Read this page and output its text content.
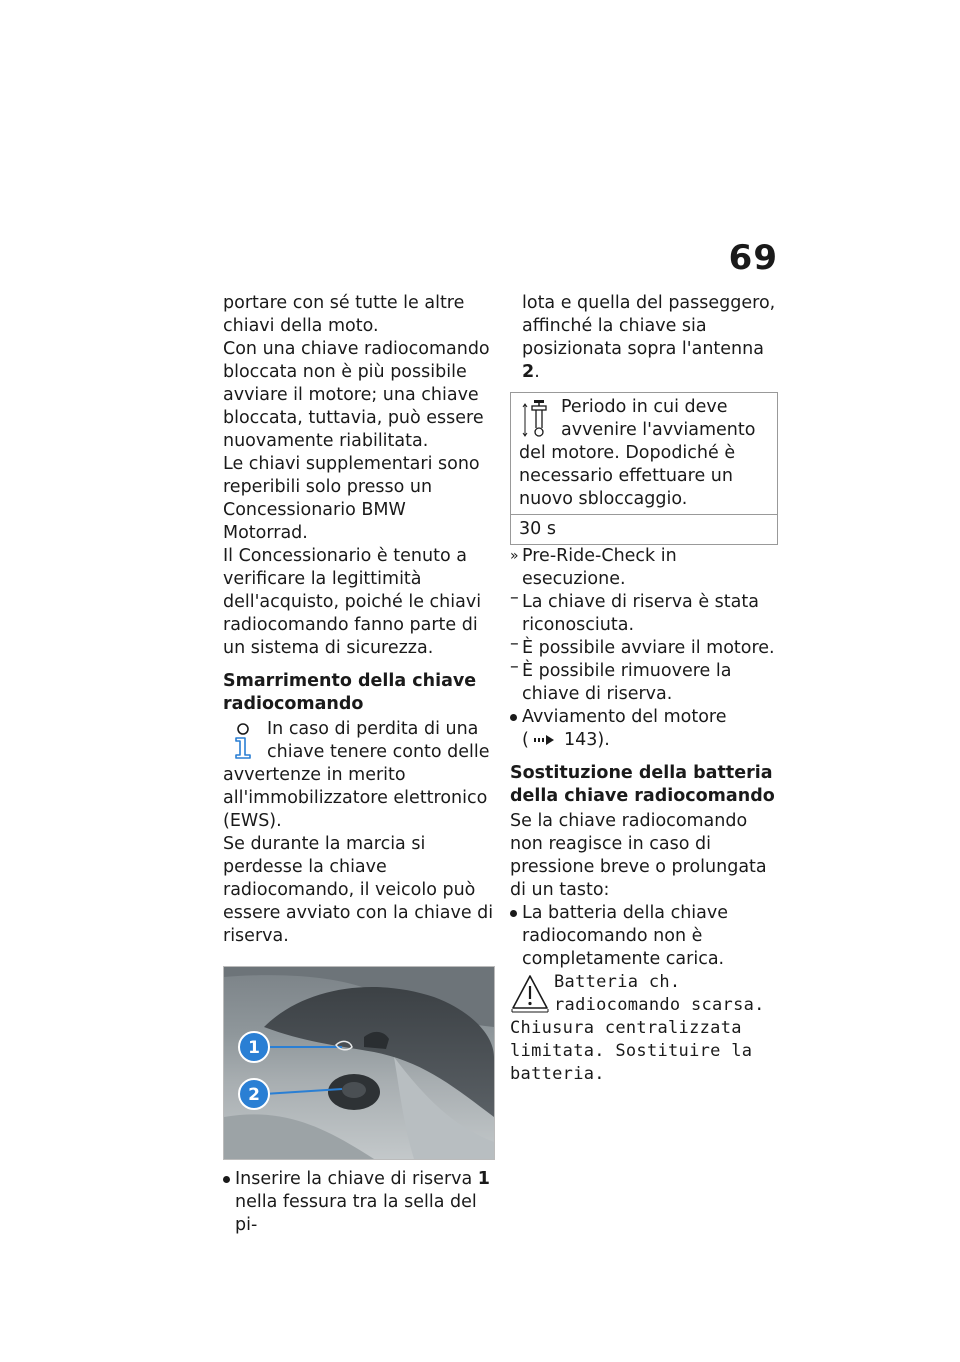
69

portare con sé tutte le altre chiavi della moto.

Con una chiave radiocomando bloccata non è più possibile avviare il motore; una chiave bloccata, tuttavia, può essere nuovamente riabilitata.

Le chiavi supplementari sono reperibili solo presso un Concessionario BMW Motorrad.

Il Concessionario è tenuto a verificare la legittimità dell'acquisto, poiché le chiavi radiocomando fanno parte di un sistema di sicurezza.

Smarrimento della chiave radiocomando

In caso di perdita di una chiave tenere conto delle avvertenze in merito all'immobilizzatore elettronico (EWS).

Se durante la marcia si perdesse la chiave radiocomando, il veicolo può essere avviato con la chiave di riserva.

1
2
Inserire la chiave di riserva 1 nella fessura tra la sella del pi-

lota e quella del passeggero, affinché la chiave sia posizionata sopra l'antenna 2.

Periodo in cui deve avvenire l'avviamento del motore. Dopodiché è necessario effettuare un nuovo sbloccaggio.
30 s

» Pre-Ride-Check in esecuzione.

– La chiave di riserva è stata riconosciuta.

– È possibile avviare il motore.

– È possibile rimuovere la chiave di riserva.

Avviamento del motore
( 143).
Sostituzione della batteria della chiave radiocomando

Se la chiave radiocomando non reagisce in caso di pressione breve o prolungata di un tasto:

La batteria della chiave radiocomando non è completamente carica.

Batteria ch. radiocomando scarsa. Chiusura centralizzata limitata. Sostituire la batteria.
